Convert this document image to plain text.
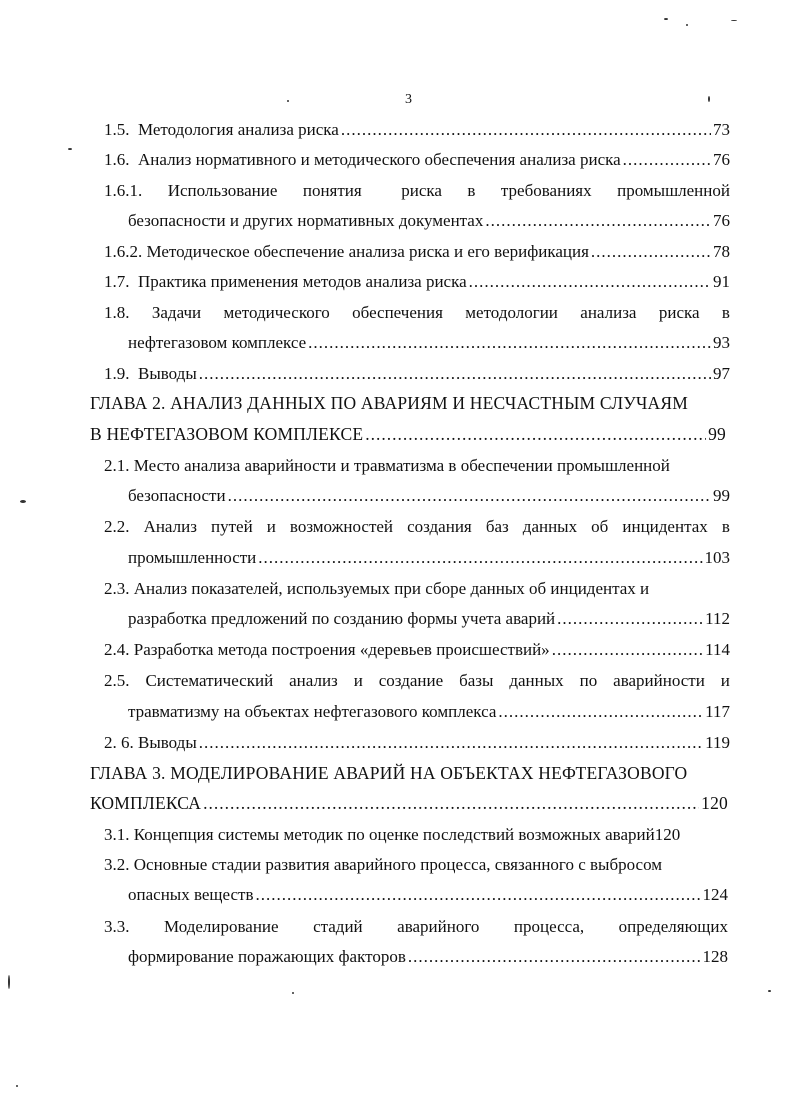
3
1.5.
Методология анализа риска .....	73
1.6.
Анализ нормативного и методического обеспечения анализа риска .....	76
1.6.1. Использование понятия риска в требованиях промышленной
безопасности и других нормативных документах .....	76
1.6.2.
Методическое обеспечение анализа риска и его верификация .....	78
1.7.
Практика применения методов анализа риска .....	91
1.8. Задачи методического обеспечения методологии анализа риска в
нефтегазовом комплексе .....	93
1.9.
Выводы .....	97
ГЛАВА 2. АНАЛИЗ ДАННЫХ ПО АВАРИЯМ И НЕСЧАСТНЫМ СЛУЧАЯМ
В НЕФТЕГАЗОВОМ КОМПЛЕКСЕ .....	99
2.1. Место анализа аварийности и травматизма в обеспечении промышленной
безопасности .....	99
2.2. Анализ путей и возможностей создания баз данных об инцидентах в
промышленности .....	103
2.3. Анализ показателей, используемых при сборе данных об инцидентах и
разработка предложений по созданию формы учета аварий .....	112
2.4.
Разработка метода построения «деревьев происшествий» .....	114
2.5. Систематический анализ и создание базы данных по аварийности и
травматизму на объектах нефтегазового комплекса .....	117
2. 6.
Выводы .....	119
ГЛАВА 3. МОДЕЛИРОВАНИЕ АВАРИЙ НА ОБЪЕКТАХ НЕФТЕГАЗОВОГО
КОМПЛЕКСА .....	120
3.1. Концепция системы методик по оценке последствий возможных аварий120
3.2. Основные стадии развития аварийного процесса, связанного с выбросом
опасных веществ .....	124
3.3. Моделирование стадий аварийного процесса, определяющих
формирование поражающих факторов .....	128
